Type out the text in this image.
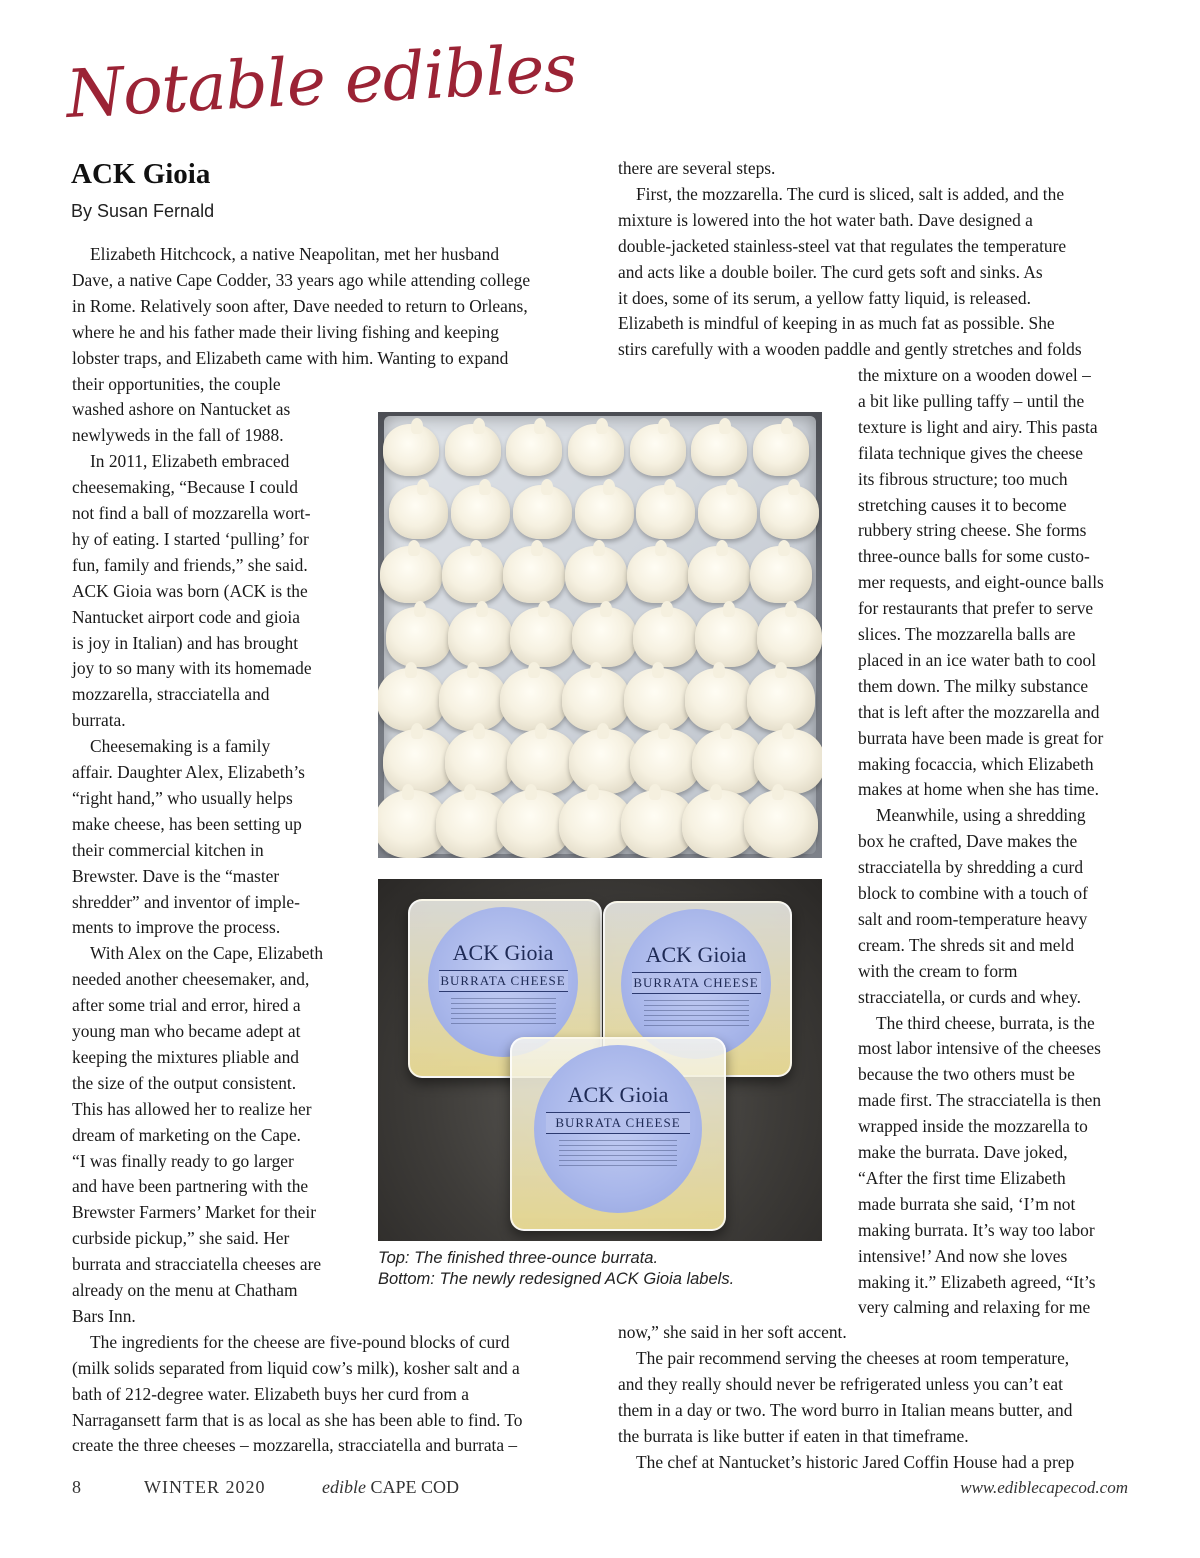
Notable edibles
ACK Gioia
By Susan Fernald
Elizabeth Hitchcock, a native Neapolitan, met her husband
Dave, a native Cape Codder, 33 years ago while attending college
in Rome. Relatively soon after, Dave needed to return to Orleans,
where he and his father made their living fishing and keeping
lobster traps, and Elizabeth came with him. Wanting to expand
their opportunities, the couple
washed ashore on Nantucket as
newlyweds in the fall of 1988.
In 2011, Elizabeth embraced
cheesemaking, “Because I could
not find a ball of mozzarella wort-
hy of eating. I started ‘pulling’ for
fun, family and friends,” she said.
ACK Gioia was born (ACK is the
Nantucket airport code and gioia
is joy in Italian) and has brought
joy to so many with its homemade
mozzarella, stracciatella and
burrata.
Cheesemaking is a family
affair. Daughter Alex, Elizabeth’s
“right hand,” who usually helps
make cheese, has been setting up
their commercial kitchen in
Brewster. Dave is the “master
shredder” and inventor of imple-
ments to improve the process.
With Alex on the Cape, Elizabeth
needed another cheesemaker, and,
after some trial and error, hired a
young man who became adept at
keeping the mixtures pliable and
the size of the output consistent.
This has allowed her to realize her
dream of marketing on the Cape.
“I was finally ready to go larger
and have been partnering with the
Brewster Farmers’ Market for their
curbside pickup,” she said. Her
burrata and stracciatella cheeses are
already on the menu at Chatham
Bars Inn.
The ingredients for the cheese are five-pound blocks of curd
(milk solids separated from liquid cow’s milk), kosher salt and a
bath of 212-degree water. Elizabeth buys her curd from a
Narragansett farm that is as local as she has been able to find. To
create the three cheeses – mozzarella, stracciatella and burrata –
there are several steps.
First, the mozzarella. The curd is sliced, salt is added, and the
mixture is lowered into the hot water bath. Dave designed a
double-jacketed stainless-steel vat that regulates the temperature
and acts like a double boiler. The curd gets soft and sinks. As
it does, some of its serum, a yellow fatty liquid, is released.
Elizabeth is mindful of keeping in as much fat as possible. She
stirs carefully with a wooden paddle and gently stretches and folds
the mixture on a wooden dowel –
a bit like pulling taffy – until the
texture is light and airy. This pasta
filata technique gives the cheese
its fibrous structure; too much
stretching causes it to become
rubbery string cheese. She forms
three-ounce balls for some custo-
mer requests, and eight-ounce balls
for restaurants that prefer to serve
slices. The mozzarella balls are
placed in an ice water bath to cool
them down. The milky substance
that is left after the mozzarella and
burrata have been made is great for
making focaccia, which Elizabeth
makes at home when she has time.
Meanwhile, using a shredding
box he crafted, Dave makes the
stracciatella by shredding a curd
block to combine with a touch of
salt and room-temperature heavy
cream. The shreds sit and meld
with the cream to form
stracciatella, or curds and whey.
The third cheese, burrata, is the
most labor intensive of the cheeses
because the two others must be
made first. The stracciatella is then
wrapped inside the mozzarella to
make the burrata. Dave joked,
“After the first time Elizabeth
made burrata she said, ‘I’m not
making burrata. It’s way too labor
intensive!’ And now she loves
making it.” Elizabeth agreed, “It’s
very calming and relaxing for me
now,” she said in her soft accent.
The pair recommend serving the cheeses at room temperature,
and they really should never be refrigerated unless you can’t eat
them in a day or two. The word burro in Italian means butter, and
the burrata is like butter if eaten in that timeframe.
The chef at Nantucket’s historic Jared Coffin House had a prep
ACK Gioia
BURRATA CHEESE
ACK Gioia
BURRATA CHEESE
ACK Gioia
BURRATA CHEESE
Top: The finished three-ounce burrata.
Bottom: The newly redesigned ACK Gioia labels.
8	WINTER 2020	edible CAPE COD	www.ediblecapecod.com
